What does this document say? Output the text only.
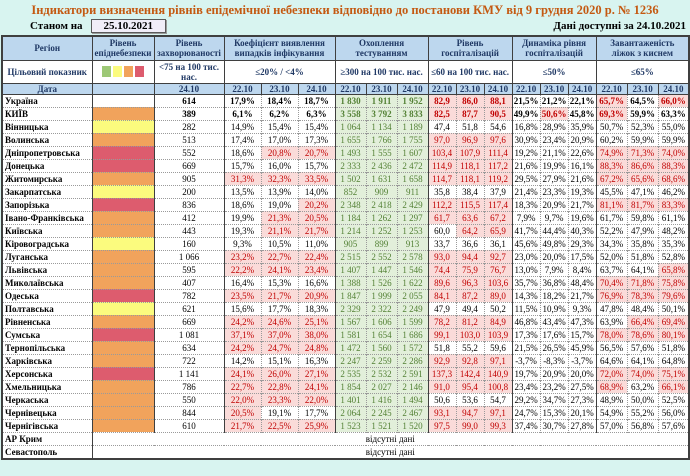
Індикатори визначення рівнів епідемічної небезпеки відповідно до постанови КМУ від 9 грудня 2020 р. № 1236
Станом на 25.10.2021	Дані доступні за 24.10.2021
Регіон	Рівень епіднебезпеки	Рівень захворюваності	Коефіцієнт виявлення випадків інфікування			Охоплення тестуванням			Рівень госпіталізацій			Динаміка рівня госпіталізацій			Завантаженість ліжок з киснем		
Цільовий показник		<75 на 100 тис. нас.	≤20% / <4%			≥300 на 100 тис. нас.			≤60 на 100 тис. нас.			≤50%			≤65%		
Дата		24.10	22.10	23.10	24.10	22.10	23.10	24.10	22.10	23.10	24.10	22.10	23.10	24.10	22.10	23.10	24.10
Україна		614	17,9%	18,4%	18,7%	1 830	1 911	1 952	82,9	86,0	88,1	21,5%	21,2%	22,1%	65,7%	64,5%	66,0%
КИЇВ		389	6,1%	6,2%	6,3%	3 558	3 792	3 833	82,5	87,7	90,5	49,9%	50,6%	45,8%	69,3%	59,9%	63,3%
Вінницька		282	14,9%	15,4%	15,4%	1 064	1 134	1 189	47,4	51,8	54,6	16,8%	28,9%	35,9%	50,7%	52,3%	55,0%
Волинська		513	17,4%	17,0%	17,3%	1 655	1 766	1 755	97,0	96,9	97,6	30,9%	23,4%	20,9%	60,2%	59,9%	59,9%
Дніпропетровська		552	18,6%	20,8%	20,7%	1 493	1 555	1 607	103,4	107,9	111,4	19,2%	21,1%	22,6%	74,9%	71,3%	74,0%
Донецька		669	15,7%	16,0%	15,7%	2 333	2 436	2 472	114,9	118,1	117,2	21,6%	19,9%	16,1%	88,3%	86,6%	88,3%
Житомирська		905	31,3%	32,3%	33,5%	1 502	1 631	1 658	114,7	118,1	119,2	29,5%	27,9%	21,6%	67,2%	65,6%	68,6%
Закарпатська		200	13,5%	13,9%	14,0%	852	909	911	35,8	38,4	37,9	21,4%	23,3%	19,3%	45,5%	47,1%	46,2%
Запорізька		836	18,6%	19,0%	20,2%	2 348	2 418	2 429	112,2	115,5	117,4	18,3%	20,9%	21,7%	81,1%	81,7%	83,3%
Івано-Франківська		412	19,9%	21,3%	20,5%	1 184	1 262	1 297	61,7	63,6	67,2	7,9%	9,7%	19,6%	61,7%	59,8%	61,1%
Київська		443	19,3%	21,1%	21,7%	1 214	1 252	1 253	60,0	64,2	65,9	41,7%	44,4%	40,3%	52,2%	47,9%	48,2%
Кіровоградська		160	9,3%	10,5%	11,0%	905	899	913	33,7	36,6	36,1	45,6%	49,8%	29,3%	34,3%	35,8%	35,3%
Луганська		1 066	23,2%	22,7%	22,4%	2 515	2 552	2 578	93,0	94,4	92,7	23,0%	20,0%	17,5%	52,0%	51,8%	52,8%
Львівська		595	22,2%	24,1%	23,4%	1 407	1 447	1 546	74,4	75,9	76,7	13,0%	7,9%	8,4%	63,7%	64,1%	65,8%
Миколаївська		407	16,4%	15,3%	16,6%	1 388	1 526	1 622	89,6	96,3	103,6	35,7%	36,8%	48,4%	70,4%	71,8%	75,8%
Одеська		782	23,5%	21,7%	20,9%	1 847	1 999	2 055	84,1	87,2	89,0	14,3%	18,2%	21,7%	76,9%	78,3%	79,6%
Полтавська		621	15,6%	17,7%	18,3%	2 329	2 322	2 249	47,9	49,4	50,2	11,5%	10,9%	9,3%	47,8%	48,4%	50,1%
Рівненська		669	24,2%	24,6%	25,1%	1 567	1 606	1 599	78,2	81,2	84,9	46,8%	43,4%	47,3%	63,9%	66,4%	69,4%
Сумська		1 081	37,1%	37,0%	38,0%	1 581	1 654	1 686	99,1	103,0	103,9	17,3%	17,6%	15,7%	78,0%	78,6%	80,1%
Тернопільська		634	24,2%	24,7%	24,8%	1 472	1 560	1 572	51,8	55,2	59,6	21,5%	26,5%	45,9%	56,5%	57,6%	51,8%
Харківська		722	14,2%	15,1%	16,3%	2 247	2 259	2 286	92,9	92,8	97,1	-3,7%	-8,3%	-3,7%	64,6%	64,1%	64,8%
Херсонська		1 141	24,1%	26,0%	27,1%	2 535	2 532	2 591	137,3	142,4	140,9	19,7%	20,9%	20,0%	72,0%	74,0%	75,1%
Хмельницька		786	22,7%	22,8%	24,1%	1 854	2 027	2 146	91,0	95,4	100,8	23,4%	23,2%	27,5%	68,9%	63,2%	66,1%
Черкаська		550	22,0%	23,3%	22,0%	1 401	1 416	1 494	50,6	53,6	54,7	29,2%	34,7%	27,3%	48,9%	50,0%	52,5%
Чернівецька		844	20,5%	19,1%	17,7%	2 064	2 245	2 467	93,1	94,7	97,1	24,7%	15,3%	20,1%	54,9%	55,2%	56,0%
Чернігівська		610	21,7%	22,5%	25,9%	1 523	1 521	1 520	97,5	99,0	99,3	37,4%	30,7%	27,8%	57,0%	56,8%	57,6%
АР Крим	відсутні дані																
Севастополь	відсутні дані																
